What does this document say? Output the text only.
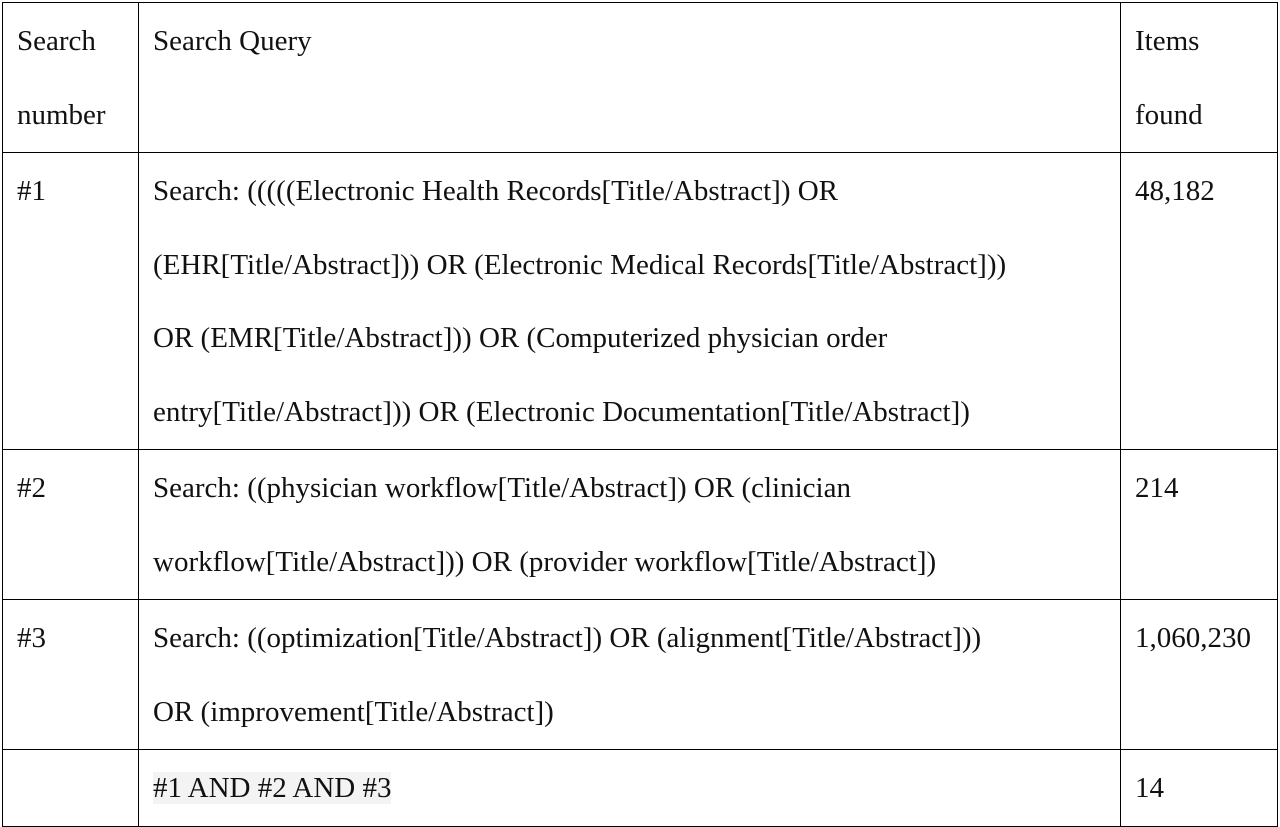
Search
number	Search Query	Items
found

#1	Search: (((((Electronic Health Records[Title/Abstract]) OR
(EHR[Title/Abstract])) OR (Electronic Medical Records[Title/Abstract]))
OR (EMR[Title/Abstract])) OR (Computerized physician order
entry[Title/Abstract])) OR (Electronic Documentation[Title/Abstract])	48,182

#2	Search: ((physician workflow[Title/Abstract]) OR (clinician
workflow[Title/Abstract])) OR (provider workflow[Title/Abstract])	214

#3	Search: ((optimization[Title/Abstract]) OR (alignment[Title/Abstract]))
OR (improvement[Title/Abstract])	1,060,230

	#1 AND #2 AND #3	14
